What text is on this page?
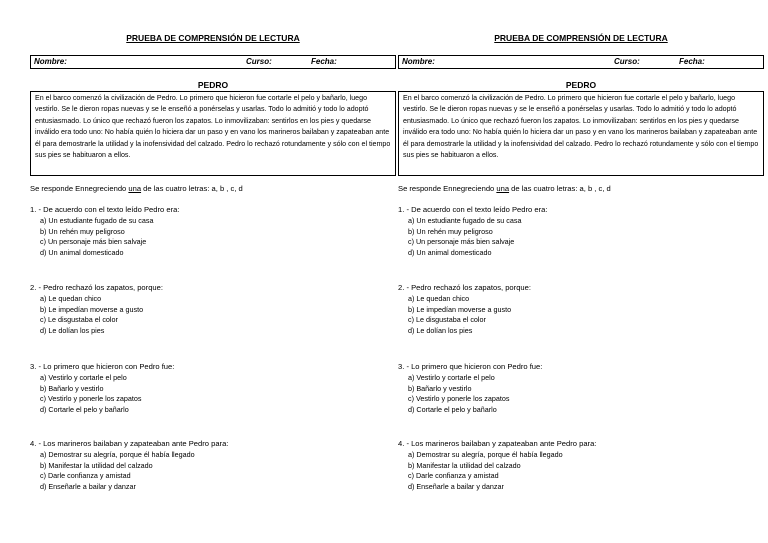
PRUEBA DE COMPRENSIÓN DE LECTURA
Nombre:	Curso:	Fecha:
PEDRO
En el barco comenzó la civilización de Pedro. Lo primero que hicieron fue cortarle el pelo y bañarlo, luego vestirlo. Se le dieron ropas nuevas y se le enseñó a ponérselas y usarlas. Todo lo admitió y todo lo adoptó entusiasmado. Lo único que rechazó fueron los zapatos. Lo inmovilizaban: sentirlos en los pies y quedarse inválido era todo uno: No había quién lo hiciera dar un paso y en vano los marineros bailaban y zapateaban ante él para demostrarle la utilidad y la inofensividad del calzado. Pedro lo rechazó rotundamente y sólo con el tiempo sus pies se habituaron a ellos.
Se responde Ennegreciendo una de las cuatro letras: a, b , c, d
1. - De acuerdo con el texto leído Pedro era:
a) Un estudiante fugado de su casa
b) Un rehén muy peligroso
c) Un personaje más bien salvaje
d) Un animal domesticado
2. - Pedro rechazó los zapatos, porque:
a) Le quedan chico
b) Le impedían moverse a gusto
c) Le disgustaba el color
d) Le dolían los pies
3. - Lo primero que hicieron con Pedro fue:
a) Vestirlo y cortarle el pelo
b) Bañarlo y vestirlo
c) Vestirlo y ponerle los zapatos
d) Cortarle el pelo y bañarlo
4. - Los marineros bailaban y zapateaban ante Pedro para:
a) Demostrar su alegría, porque él había llegado
b) Manifestar la utilidad del calzado
c) Darle confianza y amistad
d) Enseñarle a bailar y danzar
PRUEBA DE COMPRENSIÓN DE LECTURA
Nombre:	Curso:	Fecha:
PEDRO
En el barco comenzó la civilización de Pedro. Lo primero que hicieron fue cortarle el pelo y bañarlo, luego vestirlo. Se le dieron ropas nuevas y se le enseñó a ponérselas y usarlas. Todo lo admitió y todo lo adoptó entusiasmado. Lo único que rechazó fueron los zapatos. Lo inmovilizaban: sentirlos en los pies y quedarse inválido era todo uno: No había quién lo hiciera dar un paso y en vano los marineros bailaban y zapateaban ante él para demostrarle la utilidad y la inofensividad del calzado. Pedro lo rechazó rotundamente y sólo con el tiempo sus pies se habituaron a ellos.
Se responde Ennegreciendo una de las cuatro letras: a, b , c, d
1. - De acuerdo con el texto leído Pedro era:
a) Un estudiante fugado de su casa
b) Un rehén muy peligroso
c) Un personaje más bien salvaje
d) Un animal domesticado
2. - Pedro rechazó los zapatos, porque:
a) Le quedan chico
b) Le impedían moverse a gusto
c) Le disgustaba el color
d) Le dolían los pies
3. - Lo primero que hicieron con Pedro fue:
a) Vestirlo y cortarle el pelo
b) Bañarlo y vestirlo
c) Vestirlo y ponerle los zapatos
d) Cortarle el pelo y bañarlo
4. - Los marineros bailaban y zapateaban ante Pedro para:
a) Demostrar su alegría, porque él había llegado
b) Manifestar la utilidad del calzado
c) Darle confianza y amistad
d) Enseñarle a bailar y danzar
